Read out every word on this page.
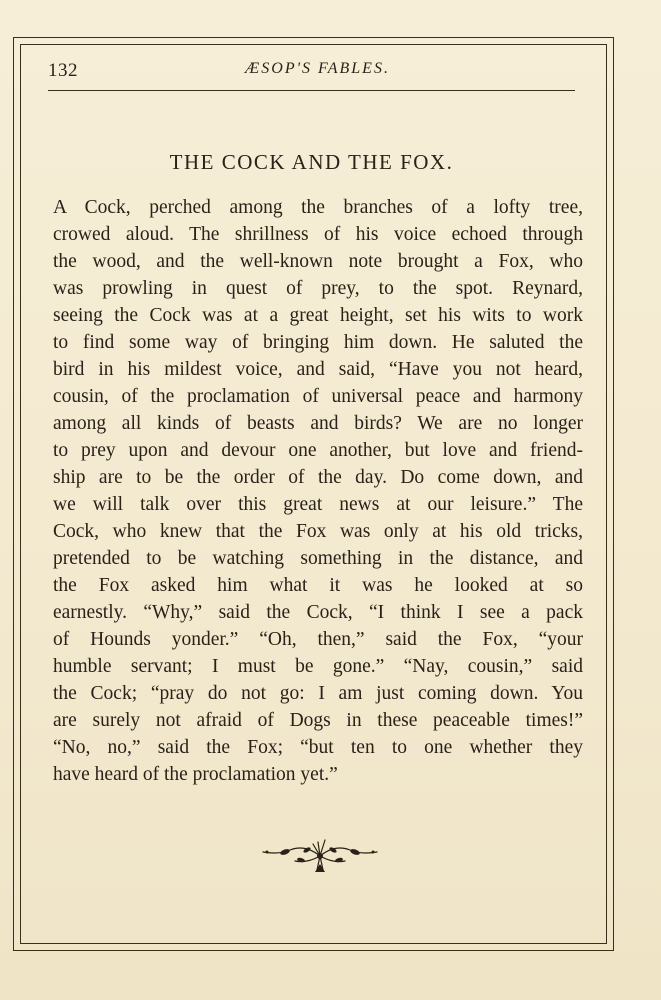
132	ÆSOP'S FABLES.
THE COCK AND THE FOX.
A Cock, perched among the branches of a lofty tree,
crowed aloud. The shrillness of his voice echoed through
the wood, and the well-known note brought a Fox, who
was prowling in quest of prey, to the spot. Reynard,
seeing the Cock was at a great height, set his wits to work
to find some way of bringing him down. He saluted the
bird in his mildest voice, and said, “Have you not heard,
cousin, of the proclamation of universal peace and harmony
among all kinds of beasts and birds? We are no longer
to prey upon and devour one another, but love and friend-
ship are to be the order of the day. Do come down, and
we will talk over this great news at our leisure.” The
Cock, who knew that the Fox was only at his old tricks,
pretended to be watching something in the distance, and
the Fox asked him what it was he looked at so
earnestly. “Why,” said the Cock, “I think I see a pack
of Hounds yonder.” “Oh, then,” said the Fox, “your
humble servant; I must be gone.” “Nay, cousin,” said
the Cock; “pray do not go: I am just coming down. You
are surely not afraid of Dogs in these peaceable times!”
“No, no,” said the Fox; “but ten to one whether they
have heard of the proclamation yet.”
